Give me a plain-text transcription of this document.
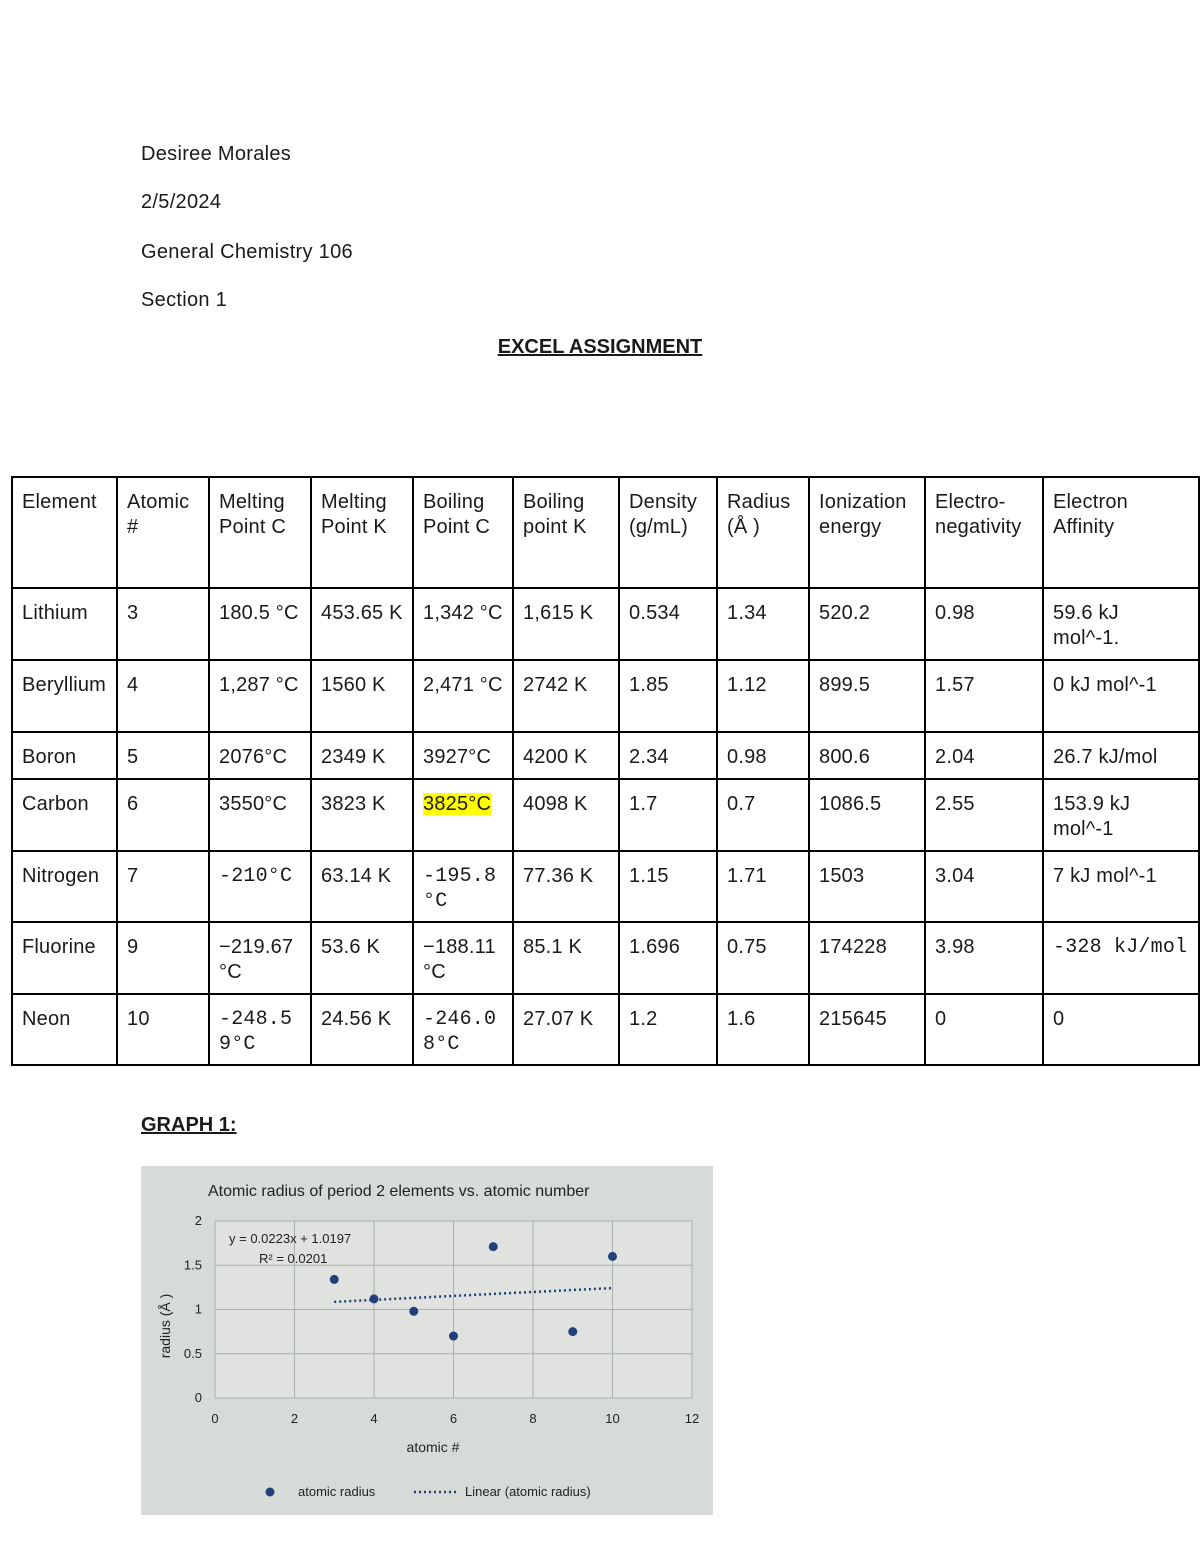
Desiree Morales
2/5/2024
General Chemistry 106
Section 1
EXCEL ASSIGNMENT
Element	Atomic #	Melting Point C	Melting Point K	Boiling Point C	Boiling point K	Density (g/mL)	Radius (Å )	Ionization energy	Electro-negativity	Electron Affinity
Lithium	3	180.5 °C	453.65 K	1,342 °C	1,615 K	0.534	1.34	520.2	0.98	59.6 kJ mol^-1.
Beryllium	4	1,287 °C	1560 K	2,471 °C	2742 K	1.85	1.12	899.5	1.57	0 kJ mol^-1
Boron	5	2076°C	2349 K	3927°C	4200 K	2.34	0.98	800.6	2.04	26.7 kJ/mol
Carbon	6	3550°C	3823 K	3825°C	4098 K	1.7	0.7	1086.5	2.55	153.9 kJ mol^-1
Nitrogen	7	-210°C	63.14 K	-195.8°C	77.36 K	1.15	1.71	1503	3.04	7 kJ mol^-1
Fluorine	9	−219.67 °C	53.6 K	−188.11 °C	85.1 K	1.696	0.75	174228	3.98	-328 kJ/mol
Neon	10	-248.59°C	24.56 K	-246.08°C	27.07 K	1.2	1.6	215645	0	0
GRAPH 1:
Atomic radius of period 2 elements vs. atomic number
0	2	4	6	8	10	12
0
0.5
1
1.5
2
y = 0.0223x + 1.0197
R² = 0.0201
atomic #
radius (Å )
atomic radius	Linear (atomic radius)
